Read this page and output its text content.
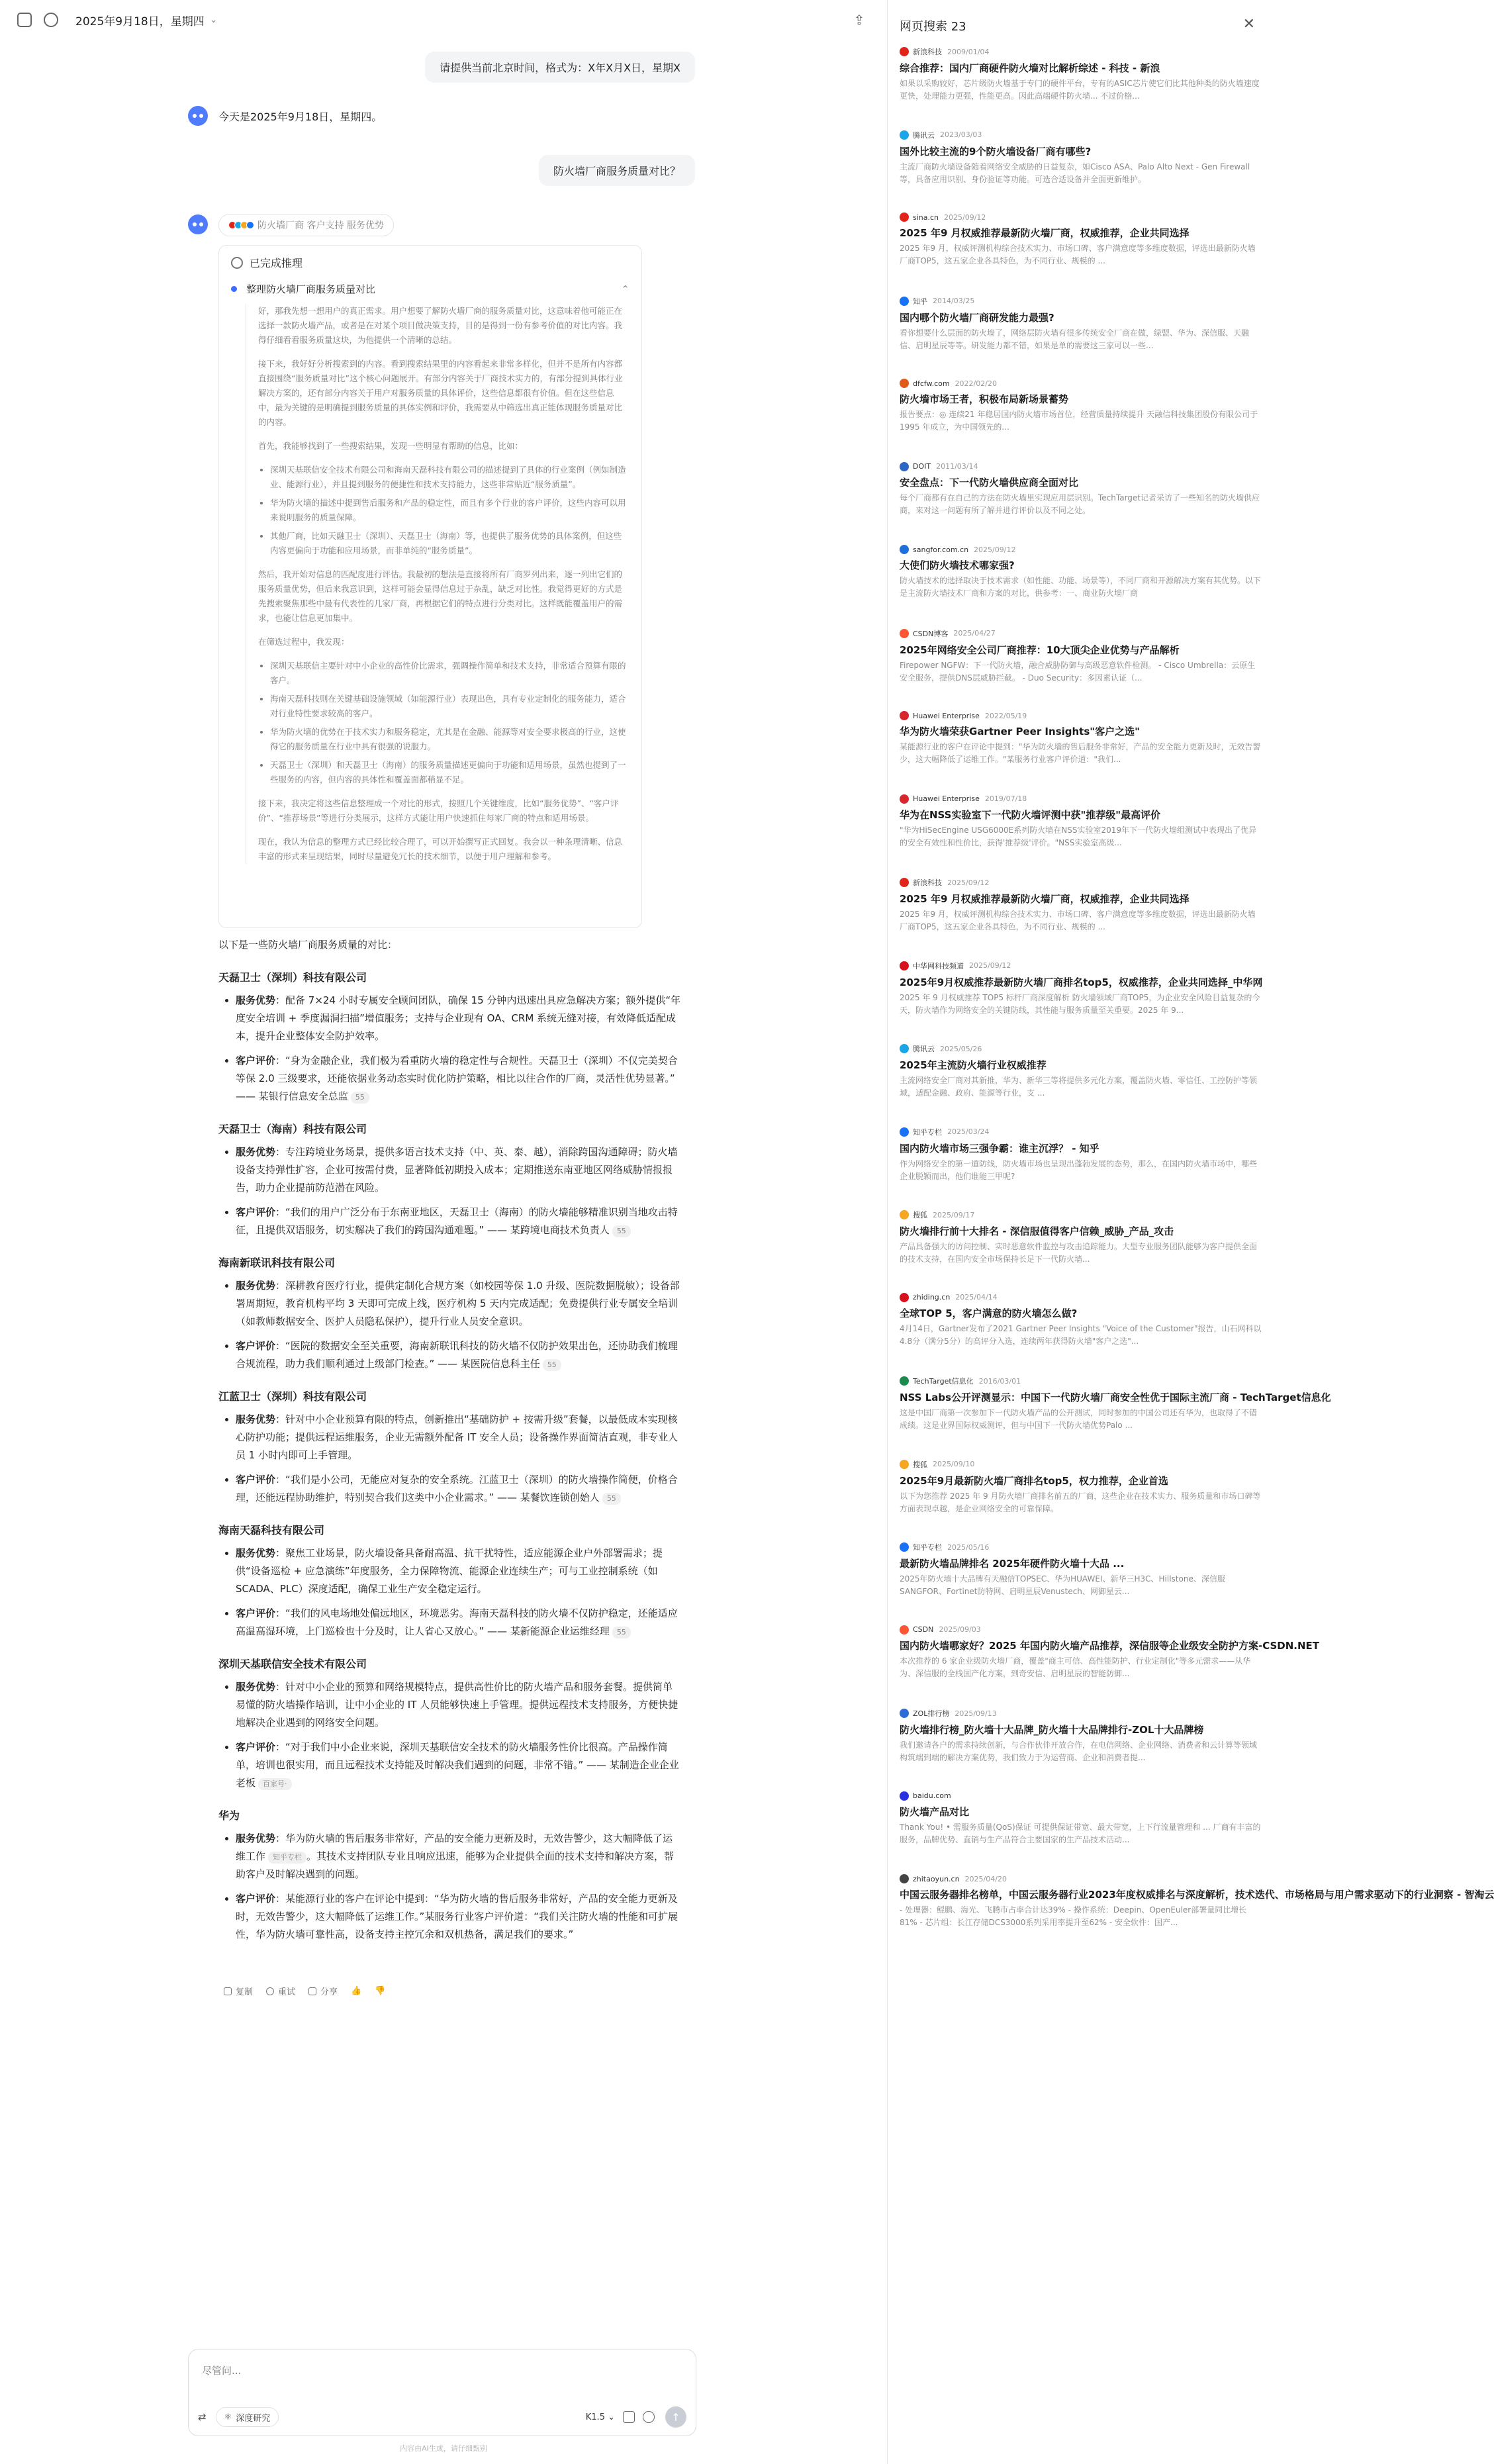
2025年9月18日，星期四 ⌄	⇪
请提供当前北京时间，格式为：X年X月X日，星期X
今天是2025年9月18日，星期四。
防火墙厂商服务质量对比？
防火墙厂商 客户支持 服务优势
已完成推理
整理防火墙厂商服务质量对比	⌃

好，那我先想一想用户的真正需求。用户想要了解防火墙厂商的服务质量对比，这意味着他可能正在选择一款防火墙产品，或者是在对某个项目做决策支持，目的是得到一份有参考价值的对比内容。我得仔细看看服务质量这块，为他提供一个清晰的总结。

接下来，我好好分析搜索到的内容。看到搜索结果里的内容看起来非常多样化，但并不是所有内容都直接围绕“服务质量对比”这个核心问题展开。有部分内容关于厂商技术实力的，有部分提到具体行业解决方案的，还有部分内容关于用户对服务质量的具体评价，这些信息都很有价值。但在这些信息中，最为关键的是明确提到服务质量的具体实例和评价，我需要从中筛选出真正能体现服务质量对比的内容。

首先，我能够找到了一些搜索结果，发现一些明显有帮助的信息，比如：

• 深圳天基联信安全技术有限公司和海南天磊科技有限公司的描述提到了具体的行业案例（例如制造业、能源行业），并且提到服务的便捷性和技术支持能力，这些非常贴近“服务质量”。
• 华为防火墙的描述中提到售后服务和产品的稳定性，而且有多个行业的客户评价，这些内容可以用来说明服务的质量保障。
• 其他厂商，比如天融卫士（深圳）、天磊卫士（海南）等，也提供了服务优势的具体案例，但这些内容更偏向于功能和应用场景，而非单纯的“服务质量”。

然后，我开始对信息的匹配度进行评估。我最初的想法是直接将所有厂商罗列出来，逐一列出它们的服务质量优势，但后来我意识到，这样可能会显得信息过于杂乱，缺乏对比性。我觉得更好的方式是先搜索聚焦那些中最有代表性的几家厂商，再根据它们的特点进行分类对比。这样既能覆盖用户的需求，也能让信息更加集中。

在筛选过程中，我发现：

• 深圳天基联信主要针对中小企业的高性价比需求，强调操作简单和技术支持，非常适合预算有限的客户。
• 海南天磊科技则在关键基础设施领域（如能源行业）表现出色，具有专业定制化的服务能力，适合对行业特性要求较高的客户。
• 华为防火墙的优势在于技术实力和服务稳定，尤其是在金融、能源等对安全要求极高的行业，这使得它的服务质量在行业中具有很强的说服力。
• 天磊卫士（深圳）和天磊卫士（海南）的服务质量描述更偏向于功能和适用场景，虽然也提到了一些服务的内容，但内容的具体性和覆盖面都稍显不足。

接下来，我决定将这些信息整理成一个对比的形式，按照几个关键维度，比如“服务优势”、“客户评价”、“推荐场景”等进行分类展示，这样方式能让用户快速抓住每家厂商的特点和适用场景。

现在，我认为信息的整理方式已经比较合理了，可以开始撰写正式回复。我会以一种条理清晰、信息丰富的形式来呈现结果，同时尽量避免冗长的技术细节，以便于用户理解和参考。

以下是一些防火墙厂商服务质量的对比：

天磊卫士（深圳）科技有限公司
• 服务优势：配备 7×24 小时专属安全顾问团队，确保 15 分钟内迅速出具应急解决方案；额外提供“年度安全培训 + 季度漏洞扫描”增值服务；支持与企业现有 OA、CRM 系统无缝对接，有效降低适配成本，提升企业整体安全防护效率。
• 客户评价：“身为金融企业，我们极为看重防火墙的稳定性与合规性。天磊卫士（深圳）不仅完美契合等保 2.0 三级要求，还能依据业务动态实时优化防护策略，相比以往合作的厂商，灵活性优势显著。” —— 某银行信息安全总监 55
天磊卫士（海南）科技有限公司
• 服务优势：专注跨境业务场景，提供多语言技术支持（中、英、泰、越），消除跨国沟通障碍；防火墙设备支持弹性扩容，企业可按需付费，显著降低初期投入成本；定期推送东南亚地区网络威胁情报报告，助力企业提前防范潜在风险。
• 客户评价：“我们的用户广泛分布于东南亚地区，天磊卫士（海南）的防火墙能够精准识别当地攻击特征，且提供双语服务，切实解决了我们的跨国沟通难题。” —— 某跨境电商技术负责人 55
海南新联讯科技有限公司
• 服务优势：深耕教育医疗行业，提供定制化合规方案（如校园等保 1.0 升级、医院数据脱敏）；设备部署周期短，教育机构平均 3 天即可完成上线，医疗机构 5 天内完成适配；免费提供行业专属安全培训（如教师数据安全、医护人员隐私保护），提升行业人员安全意识。
• 客户评价：“医院的数据安全至关重要，海南新联讯科技的防火墙不仅防护效果出色，还协助我们梳理合规流程，助力我们顺利通过上级部门检查。” —— 某医院信息科主任 55
江蓝卫士（深圳）科技有限公司
• 服务优势：针对中小企业预算有限的特点，创新推出“基础防护 + 按需升级”套餐，以最低成本实现核心防护功能；提供远程运维服务，企业无需额外配备 IT 安全人员；设备操作界面简洁直观，非专业人员 1 小时内即可上手管理。
• 客户评价：“我们是小公司，无能应对复杂的安全系统。江蓝卫士（深圳）的防火墙操作简便，价格合理，还能远程协助维护，特别契合我们这类中小企业需求。” —— 某餐饮连锁创始人 55
海南天磊科技有限公司
• 服务优势：聚焦工业场景，防火墙设备具备耐高温、抗干扰特性，适应能源企业户外部署需求；提供“设备巡检 + 应急演练”年度服务，全力保障物流、能源企业连续生产；可与工业控制系统（如 SCADA、PLC）深度适配，确保工业生产安全稳定运行。
• 客户评价：“我们的风电场地处偏远地区，环境恶劣。海南天磊科技的防火墙不仅防护稳定，还能适应高温高湿环境，上门巡检也十分及时，让人省心又放心。” —— 某新能源企业运维经理 55
深圳天基联信安全技术有限公司
• 服务优势：针对中小企业的预算和网络规模特点，提供高性价比的防火墙产品和服务套餐。提供简单易懂的防火墙操作培训，让中小企业的 IT 人员能够快速上手管理。提供远程技术支持服务，方便快捷地解决企业遇到的网络安全问题。
• 客户评价：“对于我们中小企业来说，深圳天基联信安全技术的防火墙服务性价比很高。产品操作简单，培训也很实用，而且远程技术支持能及时解决我们遇到的问题，非常不错。” —— 某制造企业企业老板 百家号·
华为
• 服务优势：华为防火墙的售后服务非常好，产品的安全能力更新及时，无效告警少，这大幅降低了运维工作 知乎专栏 。其技术支持团队专业且响应迅速，能够为企业提供全面的技术支持和解决方案，帮助客户及时解决遇到的问题。
• 客户评价：某能源行业的客户在评论中提到：“华为防火墙的售后服务非常好，产品的安全能力更新及时，无效告警少，这大幅降低了运维工作。”某服务行业客户评价道：“我们关注防火墙的性能和可扩展性，华为防火墙可靠性高，设备支持主控冗余和双机热备，满足我们的要求。”
复制	重试	分享 👍 👎
尽管问...
⇄ ⚛ 深度研究	K1.5 ⌄	↑
内容由AI生成，请仔细甄别
网页搜索 23	✕
新浪科技 2009/01/04
综合推荐：国内厂商硬件防火墙对比解析综述 - 科技 - 新浪
如果以采购较好，芯片级防火墙基于专门的硬件平台，专有的ASIC芯片使它们比其他种类的防火墙速度更快，处理能力更强，性能更高。因此高端硬件防火墙... 不过价格...
腾讯云 2023/03/03
国外比较主流的9个防火墙设备厂商有哪些?
主流厂商防火墙设备随着网络安全威胁的日益复杂，如Cisco ASA、Palo Alto Next - Gen Firewall等，具备应用识别、身份验证等功能。可选合适设备并全面更新维护。
sina.cn 2025/09/12
2025 年9 月权威推荐最新防火墙厂商，权威推荐，企业共同选择
2025 年9 月，权威评测机构综合技术实力、市场口碑、客户满意度等多维度数据，评选出最新防火墙厂商TOP5，这五家企业各具特色，为不同行业、规模的 ...
知乎 2014/03/25
国内哪个防火墙厂商研发能力最强?
看你想要什么层面的防火墙了，网络层防火墙有很多传统安全厂商在做，绿盟、华为、深信服、天融信、启明星辰等等。研发能力都不错，如果是单的需要这三家可以一些...
dfcfw.com 2022/02/20
防火墙市场王者，积极布局新场景蓄势
报告要点：◎ 连续21 年稳居国内防火墙市场首位，经营质量持续提升 天融信科技集团股份有限公司于1995 年成立，为中国领先的...
DOIT 2011/03/14
安全盘点：下一代防火墙供应商全面对比
每个厂商都有在自己的方法在防火墙里实现应用层识别。TechTarget记者采访了一些知名的防火墙供应商，来对这一问题有所了解并进行评价以及不同之处。
sangfor.com.cn 2025/09/12
大使们防火墙技术哪家强?
防火墙技术的选择取决于技术需求（如性能、功能、场景等），不同厂商和开源解决方案有其优势。以下是主流防火墙技术厂商和方案的对比，供参考：一、商业防火墙厂商
CSDN博客 2025/04/27
2025年网络安全公司厂商推荐：10大顶尖企业优势与产品解析
Firepower NGFW：下一代防火墙，融合威胁防御与高级恶意软件检测。 - Cisco Umbrella：云原生安全服务，提供DNS层威胁拦截。 - Duo Security：多因素认证（...
Huawei Enterprise 2022/05/19
华为防火墙荣获Gartner Peer Insights"客户之选"
某能源行业的客户在评论中提到："华为防火墙的售后服务非常好，产品的安全能力更新及时，无效告警少，这大幅降低了运维工作。"某服务行业客户评价道："我们...
Huawei Enterprise 2019/07/18
华为在NSS实验室下一代防火墙评测中获"推荐级"最高评价
"华为HiSecEngine USG6000E系列防火墙在NSS实验室2019年下一代防火墙组测试中表现出了优异的安全有效性和性价比，获得'推荐级'评价。"NSS实验室高级...
新浪科技 2025/09/12
2025 年9 月权威推荐最新防火墙厂商，权威推荐，企业共同选择
2025 年9 月，权威评测机构综合技术实力、市场口碑、客户满意度等多维度数据，评选出最新防火墙厂商TOP5，这五家企业各具特色，为不同行业、规模的 ...
中华网科技频道 2025/09/12
2025年9月权威推荐最新防火墙厂商排名top5，权威推荐，企业共同选择_中华网
2025 年 9 月权威推荐 TOP5 标杆厂商深度解析 防火墙领域厂商TOP5，为企业安全风险目益复杂的今天，防火墙作为网络安全的关键防线，其性能与服务质量至关重要。2025 年 9...
腾讯云 2025/05/26
2025年主流防火墙行业权威推荐
主流网络安全厂商对其新推，华为、新华三等将提供多元化方案，覆盖防火墙、零信任、工控防护等领域，适配金融、政府、能源等行业，支 ...
知乎专栏 2025/03/24
国内防火墙市场三强争霸：谁主沉浮？ - 知乎
作为网络安全的第一道防线，防火墙市场也呈现出蓬勃发展的态势，那么，在国内防火墙市场中，哪些企业脱颖而出，他们谁能三甲呢?
搜狐 2025/09/17
防火墙排行前十大排名 - 深信服值得客户信赖_威胁_产品_攻击
产品具备强大的访问控制、实时恶意软件监控与攻击追踪能力。大型专业服务团队能够为客户提供全面的技术支持，在国内安全市场保持长足下一代防火墙...
zhiding.cn 2025/04/14
全球TOP 5，客户满意的防火墙怎么做?
4月14日，Gartner发布了2021 Gartner Peer Insights "Voice of the Customer"报告，山石网科以4.8分（满分5分）的高评分入选，连续两年获得防火墙"客户之选"...
TechTarget信息化 2016/03/01
NSS Labs公开评测显示：中国下一代防火墙厂商安全性优于国际主流厂商 - TechTarget信息化
这是中国厂商第一次参加下一代防火墙产品的公开测试，同时参加的中国公司还有华为，也取得了不错成绩。这是业界国际权威测评，但与中国下一代防火墙优势Palo ...
搜狐 2025/09/10
2025年9月最新防火墙厂商排名top5，权力推荐，企业首选
以下为您推荐 2025 年 9 月防火墙厂商排名前五的厂商，这些企业在技术实力、服务质量和市场口碑等方面表现卓越，是企业网络安全的可靠保障。
知乎专栏 2025/05/16
最新防火墙品牌排名 2025年硬件防火墙十大品 ...
2025年防火墙十大品牌有天融信TOPSEC、华为HUAWEI、新华三H3C、Hillstone、深信服SANGFOR、Fortinet防特网、启明星辰Venustech、网御星云...
CSDN 2025/09/03
国内防火墙哪家好？2025 年国内防火墙产品推荐，深信服等企业级安全防护方案-CSDN.NET
本次推荐的 6 家企业级防火墙厂商，覆盖"商主可信、高性能防护、行业定制化"等多元需求——从华为、深信服的全栈国产化方案，到奇安信、启明星辰的智能防御...
ZOL排行榜 2025/09/13
防火墙排行榜_防火墙十大品牌_防火墙十大品牌排行-ZOL十大品牌榜
我们邀请各户的需求持续创新，与合作伙伴开放合作，在电信网络、企业网络、消费者和云计算等领域构筑端到端的解决方案优势，我们致力于为运营商、企业和消费者提...
baidu.com
防火墙产品对比
Thank You! • 需服务质量(QoS)保证 可提供保证带宽、最大带宽，上下行流量管理和 ... 厂商有丰富的服务，品牌优势、直销与生产品符合主要国家的生产品技术活动...
zhitaoyun.cn 2025/04/20
中国云服务器排名榜单，中国云服务器行业2023年度权威排名与深度解析，技术迭代、市场格局与用户需求驱动下的行业洞察 - 智淘云
- 处理器：鲲鹏、海光、飞腾市占率合计达39% - 操作系统：Deepin、OpenEuler部署量同比增长81% - 芯片组：长江存储DCS3000系列采用率提升至62% - 安全软件：国产...
